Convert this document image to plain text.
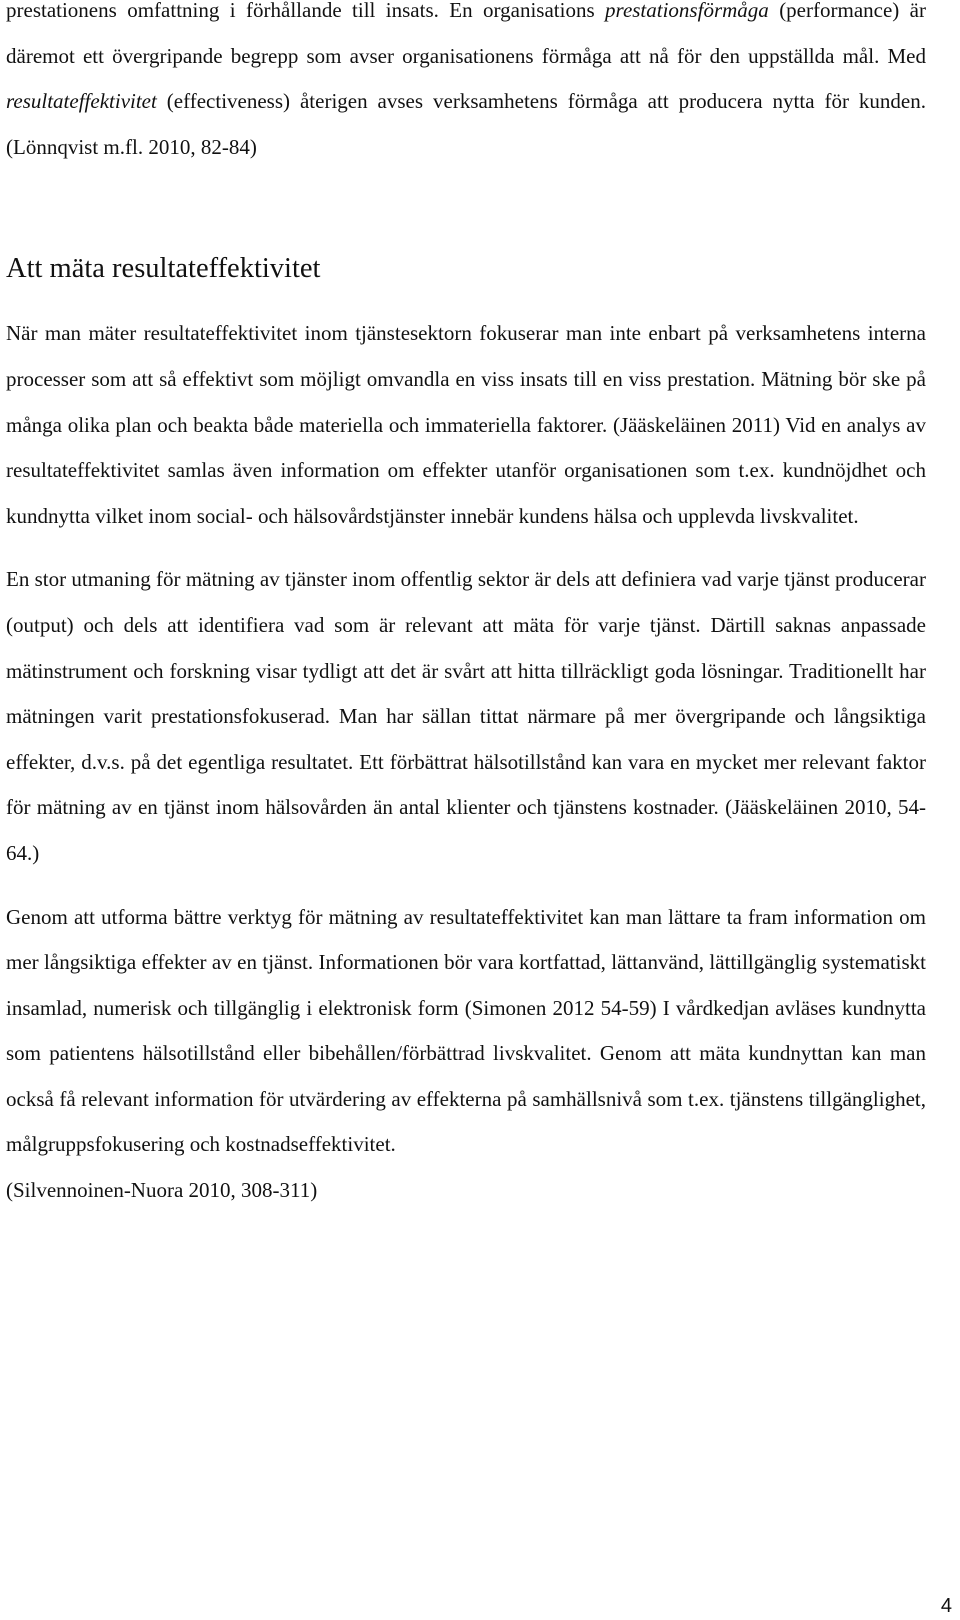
prestationens omfattning i förhållande till insats. En organisations prestationsförmåga (performance) är däremot ett övergripande begrepp som avser organisationens förmåga att nå för den uppställda mål. Med resultateffektivitet (effectiveness) återigen avses verksamhetens förmåga att producera nytta för kunden. (Lönnqvist m.fl. 2010, 82-84)

Att mäta resultateffektivitet

När man mäter resultateffektivitet inom tjänstesektorn fokuserar man inte enbart på verksamhetens interna processer som att så effektivt som möjligt omvandla en viss insats till en viss prestation. Mätning bör ske på många olika plan och beakta både materiella och immateriella faktorer. (Jääskeläinen 2011) Vid en analys av resultateffektivitet samlas även information om effekter utanför organisationen som t.ex. kundnöjdhet och kundnytta vilket inom social- och hälsovårdstjänster innebär kundens hälsa och upplevda livskvalitet.

En stor utmaning för mätning av tjänster inom offentlig sektor är dels att definiera vad varje tjänst producerar (output) och dels att identifiera vad som är relevant att mäta för varje tjänst. Därtill saknas anpassade mätinstrument och forskning visar tydligt att det är svårt att hitta tillräckligt goda lösningar. Traditionellt har mätningen varit prestationsfokuserad. Man har sällan tittat närmare på mer övergripande och långsiktiga effekter, d.v.s. på det egentliga resultatet. Ett förbättrat hälsotillstånd kan vara en mycket mer relevant faktor för mätning av en tjänst inom hälsovården än antal klienter och tjänstens kostnader. (Jääskeläinen 2010, 54-64.)

Genom att utforma bättre verktyg för mätning av resultateffektivitet kan man lättare ta fram information om mer långsiktiga effekter av en tjänst. Informationen bör vara kortfattad, lättanvänd, lättillgänglig systematiskt insamlad, numerisk och tillgänglig i elektronisk form (Simonen 2012 54-59) I vårdkedjan avläses kundnytta som patientens hälsotillstånd eller bibehållen/förbättrad livskvalitet. Genom att mäta kundnyttan kan man också få relevant information för utvärdering av effekterna på samhällsnivå som t.ex. tjänstens tillgänglighet, målgruppsfokusering och kostnadseffektivitet.
(Silvennoinen-Nuora 2010, 308-311)

4
